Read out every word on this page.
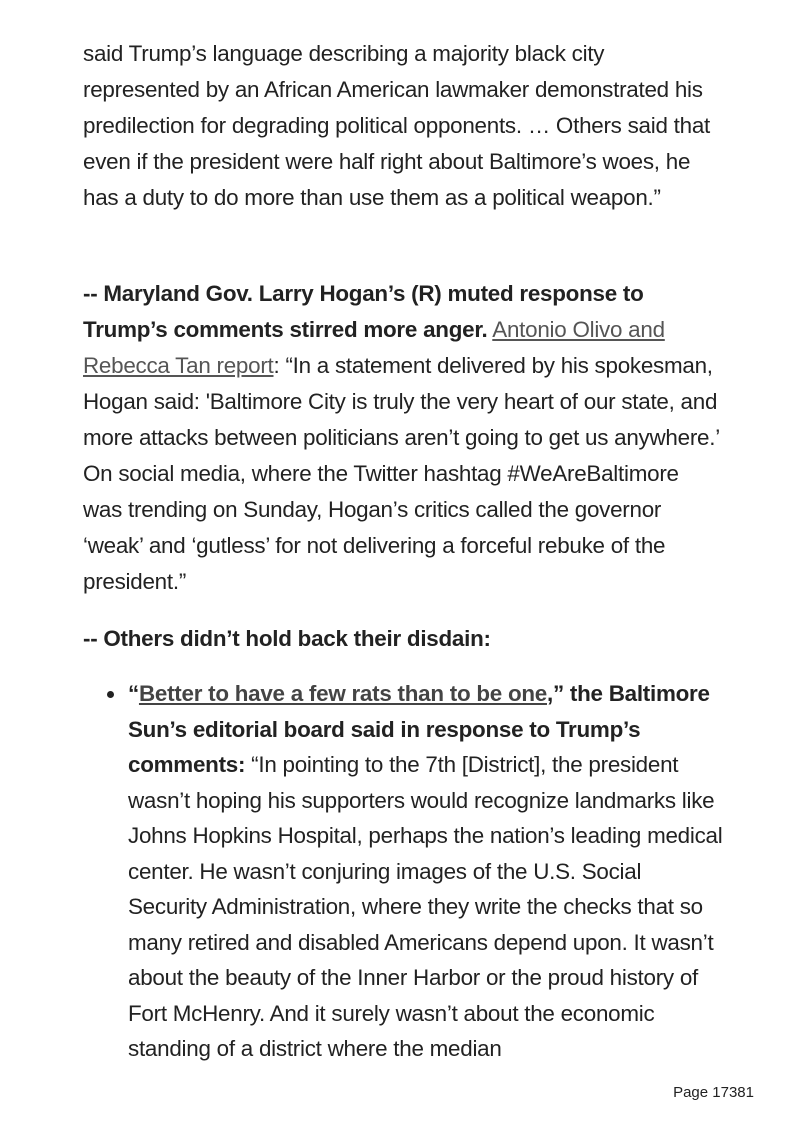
said Trump’s language describing a majority black city represented by an African American lawmaker demonstrated his predilection for degrading political opponents. … Others said that even if the president were half right about Baltimore’s woes, he has a duty to do more than use them as a political weapon.”

-- Maryland Gov. Larry Hogan’s (R) muted response to Trump’s comments stirred more anger. Antonio Olivo and Rebecca Tan report: “In a statement delivered by his spokesman, Hogan said: 'Baltimore City is truly the very heart of our state, and more attacks between politicians aren’t going to get us anywhere.’ On social media, where the Twitter hashtag #WeAreBaltimore was trending on Sunday, Hogan’s critics called the governor ‘weak’ and ‘gutless’ for not delivering a forceful rebuke of the president.”

-- Others didn’t hold back their disdain:

“Better to have a few rats than to be one,” the Baltimore Sun’s editorial board said in response to Trump’s comments: “In pointing to the 7th [District], the president wasn’t hoping his supporters would recognize landmarks like Johns Hopkins Hospital, perhaps the nation’s leading medical center. He wasn’t conjuring images of the U.S. Social Security Administration, where they write the checks that so many retired and disabled Americans depend upon. It wasn’t about the beauty of the Inner Harbor or the proud history of Fort McHenry. And it surely wasn’t about the economic standing of a district where the median
Page 17381
